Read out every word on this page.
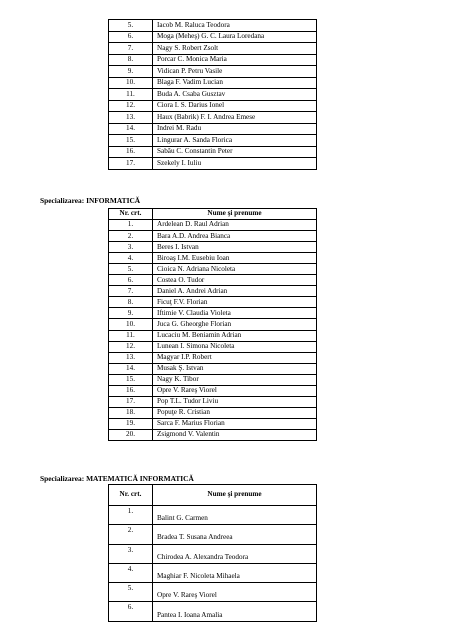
5.	Iacob M. Raluca Teodora
6.	Moga (Meheş) G. C. Laura Loredana
7.	Nagy S. Robert Zsolt
8.	Porcar C. Monica Maria
9.	Vidican P. Petru Vasile
10.	Blaga F. Vadim Lucian
11.	Buda A. Csaba Gusztav
12.	Ciora I. S. Darius Ionel
13.	Haux (Babrik) F. I. Andrea Emese
14.	Indrei M. Radu
15.	Lingurar A. Sanda Florica
16.	Sabău C. Constantin Peter
17.	Szekely I. Iuliu
Specializarea: INFORMATICĂ
Nr. crt.	Nume şi prenume
1.	Ardelean D. Raul Adrian
2.	Bara A.D. Andrea Bianca
3.	Beres I. Istvan
4.	Biroaş I.M. Eusebiu Ioan
5.	Cioica N. Adriana Nicoleta
6.	Costea O. Tudor
7.	Daniel A. Andrei Adrian
8.	Ficuţ F.V. Florian
9.	Iftimie V. Claudia Violeta
10.	Juca G. Gheorghe Florian
11.	Lucaciu M. Beniamin Adrian
12.	Lunean I. Simona Nicoleta
13.	Magyar I.P. Robert
14.	Musak Ş. Istvan
15.	Nagy K. Tibor
16.	Opre V. Rareş Viorel
17.	Pop T.L. Tudor Liviu
18.	Popuţe R. Cristian
19.	Sarca F. Marius Florian
20.	Zsigmond V. Valentin
Specializarea: MATEMATICĂ INFORMATICĂ
Nr. crt.	Nume şi prenume
1.	Balint G. Carmen
2.	Bradea T. Susana Andreea
3.	Chirodea A. Alexandra Teodora
4.	Maghiar F. Nicoleta Mihaela
5.	Opre V. Rareş Viorel
6.	Pantea I. Ioana Amalia
